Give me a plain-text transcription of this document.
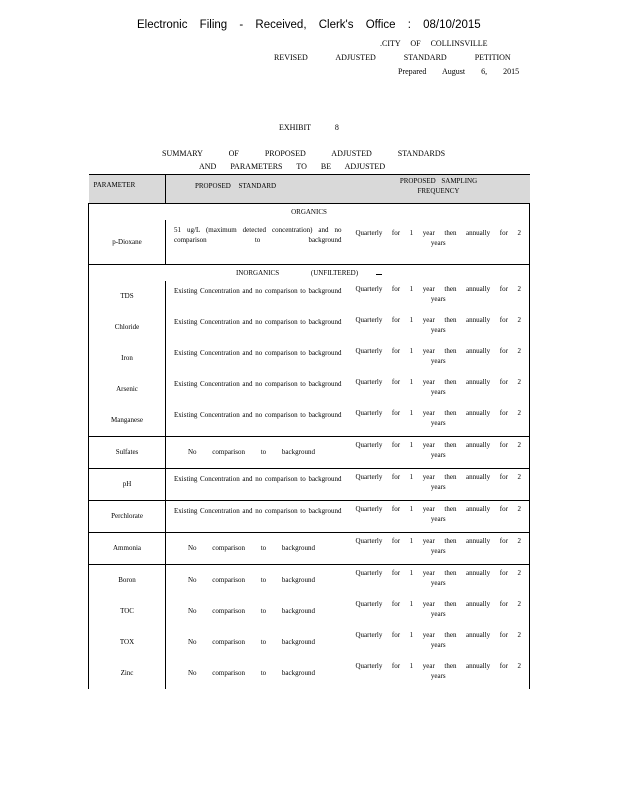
Electronic Filing - Received, Clerk's Office : 08/10/2015
.CITY OF COLLINSVILLE
REVISED ADJUSTED STANDARD PETITION
Prepared August 6, 2015
EXHIBIT 8
SUMMARY OF PROPOSED ADJUSTED STANDARDS
AND PARAMETERS TO BE ADJUSTED
PARAMETER	PROPOSED STANDARD	PROPOSED SAMPLING
FREQUENCY

ORGANICS		
p-Dioxane	51 ug/L (maximum detected concentration) and no comparison to background	Quarterly for 1 year then annually for 2
years

INORGANICS (UNFILTERED)		
TDS	Existing Concentration and no comparison to background	Quarterly for 1 year then annually for 2
years

Chloride	Existing Concentration and no comparison to background	Quarterly for 1 year then annually for 2
years

Iron	Existing Concentration and no comparison to background	Quarterly for 1 year then annually for 2
years

Arsenic	Existing Concentration and no comparison to background	Quarterly for 1 year then annually for 2
years

Manganese	Existing Concentration and no comparison to background	Quarterly for 1 year then annually for 2
years

Sulfates	No comparison to background	Quarterly for 1 year then annually for 2
years

pH	Existing Concentration and no comparison to background	Quarterly for 1 year then annually for 2
years

Perchlorate	Existing Concentration and no comparison to background	Quarterly for 1 year then annually for 2
years

Ammonia	No comparison to background	Quarterly for 1 year then annually for 2
years

Boron	No comparison to background	Quarterly for 1 year then annually for 2
years

TOC	No comparison to background	Quarterly for 1 year then annually for 2
years

TOX	No comparison to background	Quarterly for 1 year then annually for 2
years

Zinc	No comparison to background	Quarterly for 1 year then annually for 2
years
